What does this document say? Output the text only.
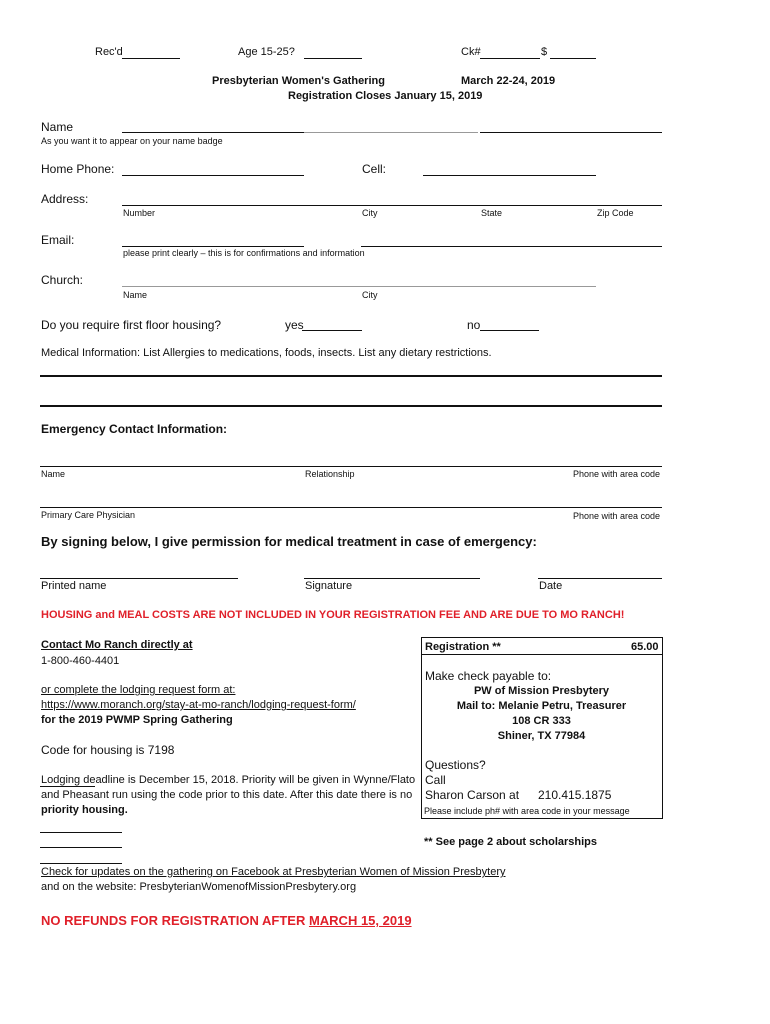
Rec'd	Age 15-25?	Ck#	$
Presbyterian Women's Gathering	March 22-24, 2019
Registration Closes January 15, 2019
Name
As you want it to appear on your name badge
Home Phone:	Cell:
Address:
Number	City	State	Zip Code
Email:
please print clearly – this is for confirmations and information
Church:
Name	City
Do you require first floor housing?	yes	no
Medical Information: List Allergies to medications, foods, insects. List any dietary restrictions.
Emergency Contact Information:
Name	Relationship	Phone with area code
Primary Care Physician	Phone with area code
By signing below, I give permission for medical treatment in case of emergency:
Printed name	Signature	Date
HOUSING and MEAL COSTS ARE NOT INCLUDED IN YOUR REGISTRATION FEE AND ARE DUE TO MO RANCH!
Contact Mo Ranch directly at
1-800-460-4401
or complete the lodging request form at:
https://www.moranch.org/stay-at-mo-ranch/lodging-request-form/
for the 2019 PWMP Spring Gathering
Code for housing is 7198
Lodging deadline is December 15, 2018. Priority will be given in Wynne/Flato
and Pheasant run using the code prior to this date. After this date there is no
priority housing.
Registration **	65.00
Make check payable to:
PW of Mission Presbytery
Mail to: Melanie Petru, Treasurer
108 CR 333
Shiner, TX 77984
Questions?
Call
Sharon Carson at 210.415.1875
Please include ph# with area code in your message
** See page 2 about scholarships
Check for updates on the gathering on Facebook at Presbyterian Women of Mission Presbytery
and on the website: PresbyterianWomenofMissionPresbytery.org
NO REFUNDS FOR REGISTRATION AFTER MARCH 15, 2019
